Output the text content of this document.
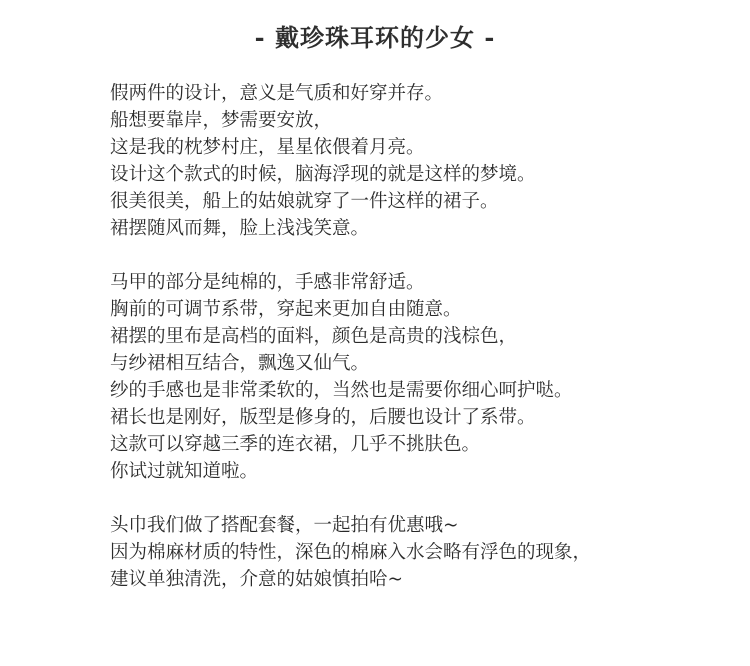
- 戴珍珠耳环的少女 -
假两件的设计，意义是气质和好穿并存。
船想要靠岸，梦需要安放，
这是我的枕梦村庄，星星依偎着月亮。
设计这个款式的时候，脑海浮现的就是这样的梦境。
很美很美，船上的姑娘就穿了一件这样的裙子。
裙摆随风而舞，脸上浅浅笑意。
马甲的部分是纯棉的，手感非常舒适。
胸前的可调节系带，穿起来更加自由随意。
裙摆的里布是高档的面料，颜色是高贵的浅棕色，
与纱裙相互结合，飘逸又仙气。
纱的手感也是非常柔软的，当然也是需要你细心呵护哒。
裙长也是刚好，版型是修身的，后腰也设计了系带。
这款可以穿越三季的连衣裙，几乎不挑肤色。
你试过就知道啦。
头巾我们做了搭配套餐，一起拍有优惠哦~
因为棉麻材质的特性，深色的棉麻入水会略有浮色的现象，
建议单独清洗，介意的姑娘慎拍哈~
